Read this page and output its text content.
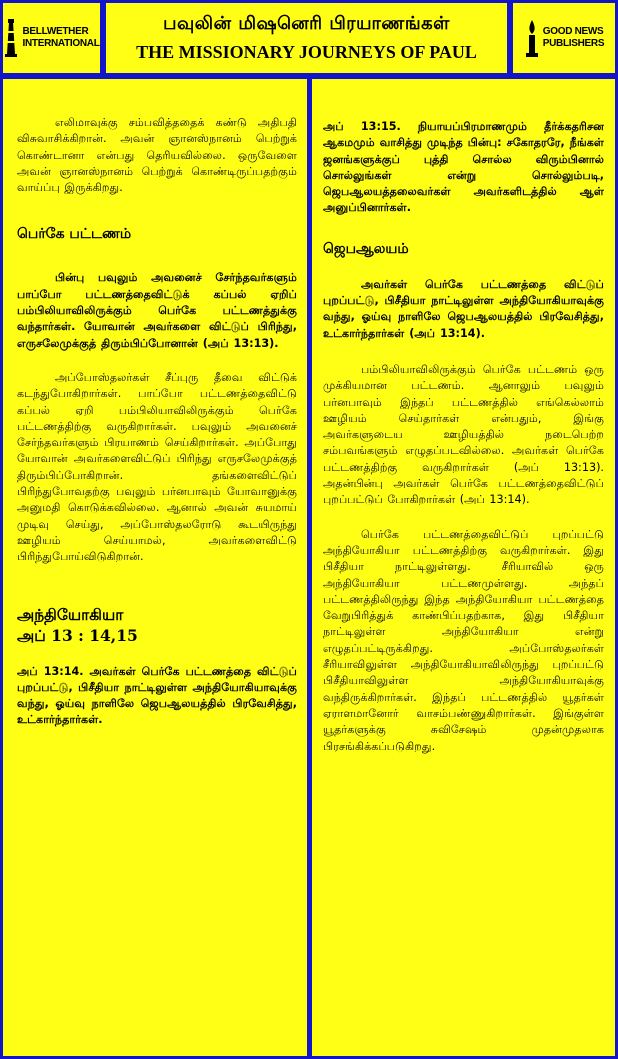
BELLWETHER
INTERNATIONAL
பவுலின் மிஷனெரி பிரயாணங்கள்
THE MISSIONARY JOURNEYS OF PAUL
GOOD NEWS
PUBLISHERS

எலிமாவுக்கு சம்பவித்ததைக் கண்டு அதிபதி விசுவாசிக்கிறான். அவன் ஞானஸ்நானம் பெற்றுக் கொண்டானா என்பது தெரியவில்லை. ஒருவேளை அவன் ஞானஸ்நானம் பெற்றுக் கொண்டிருப்பதற்கும் வாய்ப்பு இருக்கிறது.

பெர்கே பட்டணம்

பின்பு பவுலும் அவனைச் சேர்ந்தவர்களும் பாப்போ பட்டணத்தைவிட்டுக் கப்பல் ஏறிப் பம்பிலியாவிலிருக்கும் பெர்கே பட்டணத்துக்கு வந்தார்கள். யோவான் அவர்களை விட்டுப் பிரிந்து, எருசலேமுக்குத் திரும்பிப்போனான் (அப் 13:13).

அப்போஸ்தலர்கள் சீப்புரு தீவை விட்டுக் கடந்துபோகிறார்கள். பாப்போ பட்டணத்தைவிட்டு கப்பல் ஏறி பம்பிலியாவிலிருக்கும் பெர்கே பட்டணத்திற்கு வருகிறார்கள். பவுலும் அவனைச் சேர்ந்தவர்களும் பிரயாணம் செய்கிறார்கள். அப்போது யோவான் அவர்களைவிட்டுப் பிரிந்து எருசலேமுக்குத் திரும்பிப்போகிறான். தங்களைவிட்டுப் பிரிந்துபோவதற்கு பவுலும் பர்னபாவும் யோவானுக்கு அனுமதி கொடுக்கவில்லை. ஆனால் அவன் சுயமாய் முடிவு செய்து, அப்போஸ்தலரோடு கூடயிருந்து ஊழியம் செய்யாமல், அவர்களைவிட்டு பிரிந்துபோய்விடுகிறான்.

அந்தியோகியா

அப் 13 : 14,15

அப் 13:14. அவர்கள் பெர்கே பட்டணத்தை விட்டுப் புறப்பட்டு, பிசீதியா நாட்டிலுள்ள அந்தியோகியாவுக்கு வந்து, ஓய்வு நாளிலே ஜெபஆலயத்தில் பிரவேசித்து, உட்கார்ந்தார்கள்.

அப் 13:15. நியாயப்பிரமாணமும் தீர்க்கதரிசன ஆகமமும் வாசித்து முடிந்த பின்பு: சகோதரரே, நீங்கள் ஜனங்களுக்குப் புத்தி சொல்ல விரும்பினால் சொல்லுங்கள் என்று சொல்லும்படி, ஜெபஆலயத்தலைவர்கள் அவர்களிடத்தில் ஆள் அனுப்பினார்கள்.

ஜெபஆலயம்

அவர்கள் பெர்கே பட்டணத்தை விட்டுப் புறப்பட்டு, பிசீதியா நாட்டிலுள்ள அந்தியோகியாவுக்கு வந்து, ஓய்வு நாளிலே ஜெபஆலயத்தில் பிரவேசித்து, உட்கார்ந்தார்கள் (அப் 13:14).

பம்பிலியாவிலிருக்கும் பெர்கே பட்டணம் ஒரு முக்கியமான பட்டணம். ஆனாலும் பவுலும் பர்னபாவும் இந்தப் பட்டணத்தில் எங்கெல்லாம் ஊழியம் செய்தார்கள் என்பதும், இங்கு அவர்களுடைய ஊழியத்தில் நடைபெற்ற சம்பவங்களும் எழுதப்படவில்லை. அவர்கள் பெர்கே பட்டணத்திற்கு வருகிறார்கள் (அப் 13:13). அதன்பின்பு அவர்கள் பெர்கே பட்டணத்தைவிட்டுப் புறப்பட்டுப் போகிறார்கள் (அப் 13:14).

பெர்கே பட்டணத்தைவிட்டுப் புறப்பட்டு அந்தியோகியா பட்டணத்திற்கு வருகிறார்கள். இது பிசீதியா நாட்டிலுள்ளது. சீரியாவில் ஒரு அந்தியோகியா பட்டணமுள்ளது. அந்தப் பட்டணத்திலிருந்து இந்த அந்தியோகியா பட்டணத்தை வேறுபிரித்துக் காண்பிப்பதற்காக, இது பிசீதியா நாட்டிலுள்ள அந்தியோகியா என்று எழுதப்பட்டிருக்கிறது. அப்போஸ்தலர்கள் சீரியாவிலுள்ள அந்தியோகியாவிலிருந்து புறப்பட்டு பிசீதியாவிலுள்ள அந்தியோகியாவுக்கு வந்திருக்கிறார்கள். இந்தப் பட்டணத்தில் யூதர்கள் ஏராளமானோர் வாசம்பண்ணுகிறார்கள். இங்குள்ள யூதர்களுக்கு சுவிசேஷம் முதன்முதலாக பிரசங்கிக்கப்படுகிறது.
